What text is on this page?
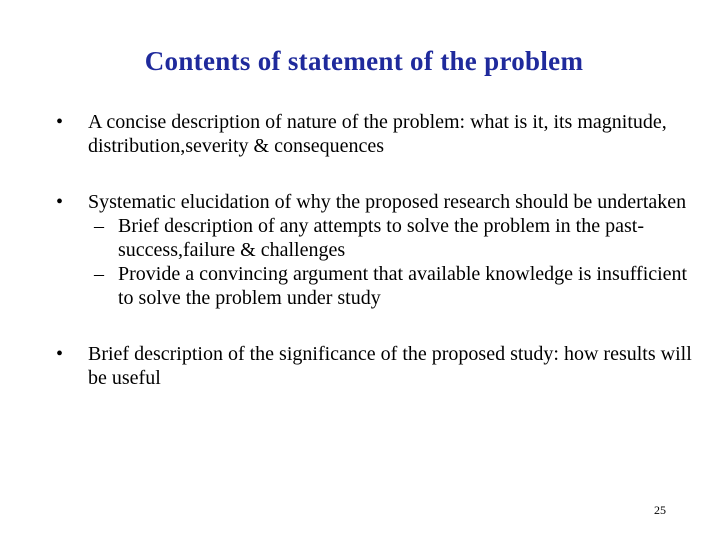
Contents of statement of the problem
• A concise description of nature of the problem: what is it, its magnitude, distribution,severity & consequences
• Systematic elucidation of why the proposed research should be undertaken
– Brief description of any attempts to solve the problem in the past-success,failure & challenges
– Provide a convincing argument that available knowledge is insufficient to solve the problem under study
• Brief description of the significance of the proposed study: how results will be useful
25
